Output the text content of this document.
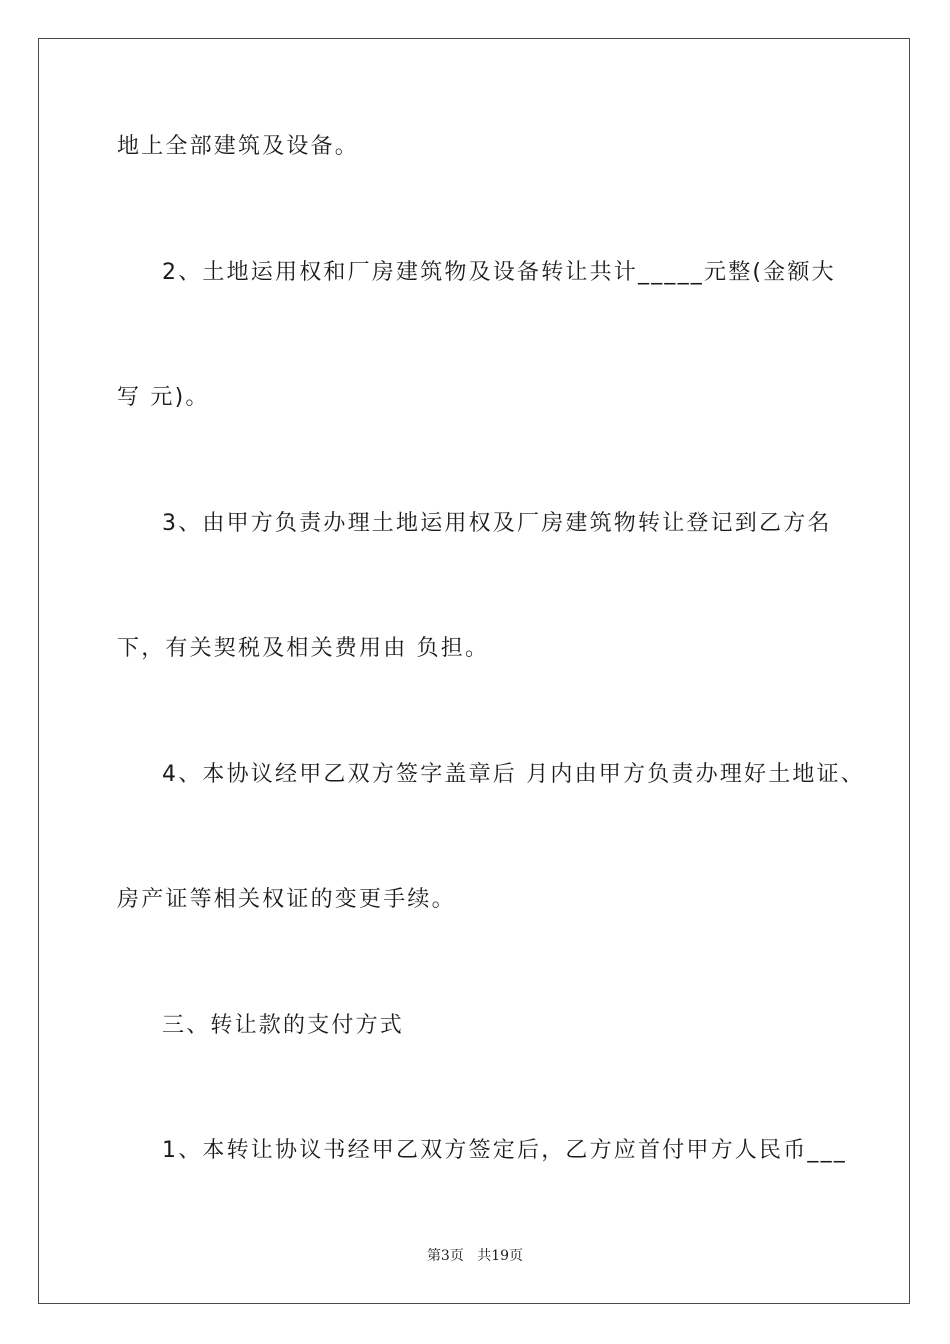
地上全部建筑及设备。
2、土地运用权和厂房建筑物及设备转让共计_____元整(金额大
写 元)。
3、由甲方负责办理土地运用权及厂房建筑物转让登记到乙方名
下，有关契税及相关费用由 负担。
4、本协议经甲乙双方签字盖章后 月内由甲方负责办理好土地证、
房产证等相关权证的变更手续。
三、转让款的支付方式
1、本转让协议书经甲乙双方签定后，乙方应首付甲方人民币___
第3页 共19页
